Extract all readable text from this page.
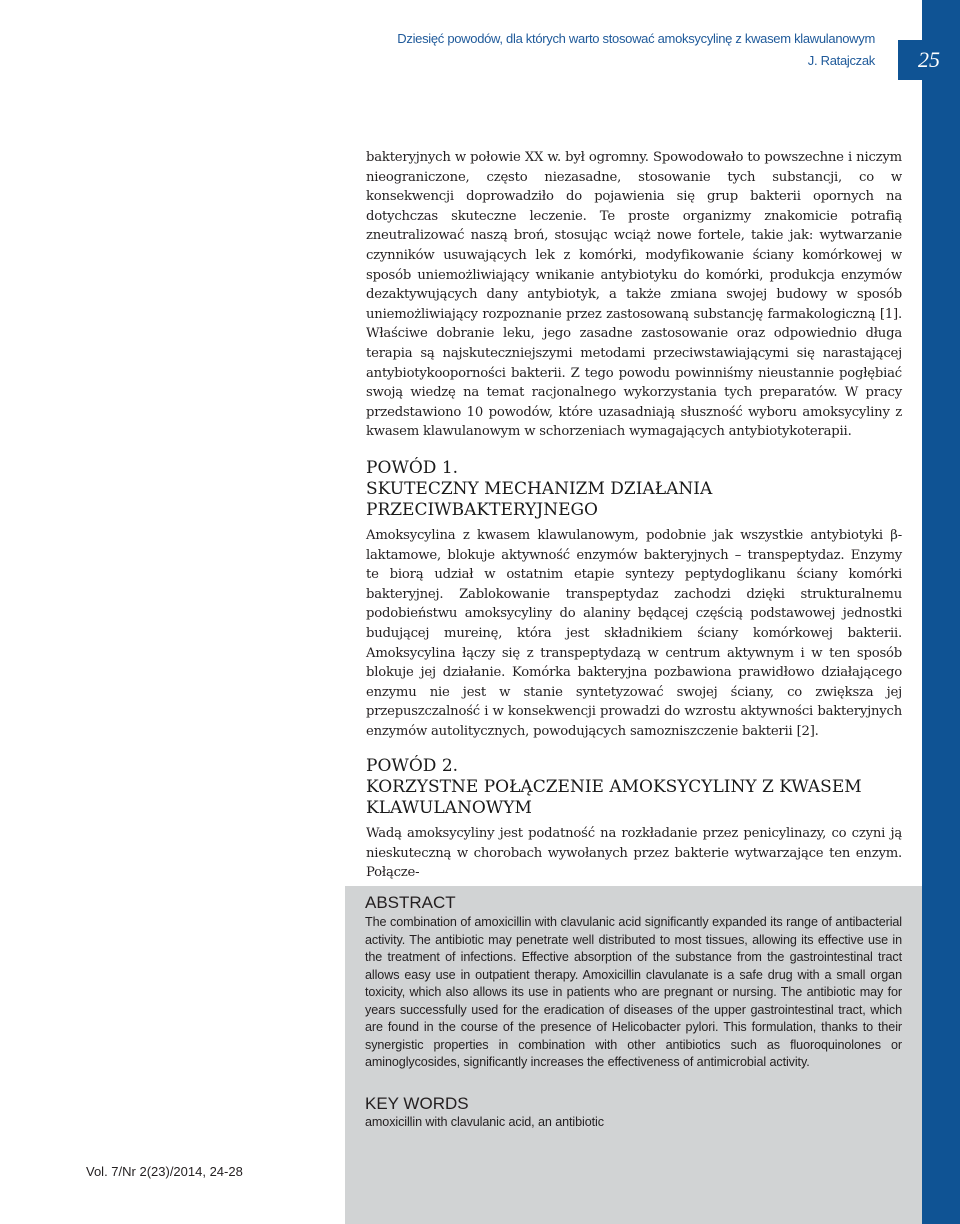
25
Dziesięć powodów, dla których warto stosować amoksycylinę z kwasem klawulanowym
J. Ratajczak
bakteryjnych w połowie XX w. był ogromny. Spowodowało to powszechne i niczym nieograniczone, często niezasadne, stosowanie tych substancji, co w konsekwencji doprowadziło do pojawienia się grup bakterii opornych na dotychczas skuteczne leczenie. Te proste organizmy znakomicie potrafią zneutralizować naszą broń, stosując wciąż nowe fortele, takie jak: wytwarzanie czynników usuwających lek z komórki, modyfikowanie ściany komórkowej w sposób uniemożliwiający wnikanie antybiotyku do komórki, produkcja enzymów dezaktywujących dany antybiotyk, a także zmiana swojej budowy w sposób uniemożliwiający rozpoznanie przez zastosowaną substancję farmakologiczną [1]. Właściwe dobranie leku, jego zasadne zastosowanie oraz odpowiednio długa terapia są najskuteczniejszymi metodami przeciwstawiającymi się narastającej antybiotykooporności bakterii. Z tego powodu powinniśmy nieustannie pogłębiać swoją wiedzę na temat racjonalnego wykorzystania tych preparatów. W pracy przedstawiono 10 powodów, które uzasadniają słuszność wyboru amoksycyliny z kwasem klawulanowym w schorzeniach wymagających antybiotykoterapii.
POWÓD 1.
SKUTECZNY MECHANIZM DZIAŁANIA
PRZECIWBAKTERYJNEGO
Amoksycylina z kwasem klawulanowym, podobnie jak wszystkie antybiotyki β-laktamowe, blokuje aktywność enzymów bakteryjnych – transpeptydaz. Enzymy te biorą udział w ostatnim etapie syntezy peptydoglikanu ściany komórki bakteryjnej. Zablokowanie transpeptydaz zachodzi dzięki strukturalnemu podobieństwu amoksycyliny do alaniny będącej częścią podstawowej jednostki budującej mureinę, która jest składnikiem ściany komórkowej bakterii. Amoksycylina łączy się z transpeptydazą w centrum aktywnym i w ten sposób blokuje jej działanie. Komórka bakteryjna pozbawiona prawidłowo działającego enzymu nie jest w stanie syntetyzować swojej ściany, co zwiększa jej przepuszczalność i w konsekwencji prowadzi do wzrostu aktywności bakteryjnych enzymów autolitycznych, powodujących samozniszczenie bakterii [2].
POWÓD 2.
KORZYSTNE POŁĄCZENIE AMOKSYCYLINY Z KWASEM
KLAWULANOWYM
Wadą amoksycyliny jest podatność na rozkładanie przez penicylinazy, co czyni ją nieskuteczną w chorobach wywołanych przez bakterie wytwarzające ten enzym. Połącze-
ABSTRACT
The combination of amoxicillin with clavulanic acid significantly expanded its range of antibacterial activity. The antibiotic may penetrate well distributed to most tissues, allowing its effective use in the treatment of infections. Effective absorption of the substance from the gastrointestinal tract allows easy use in outpatient therapy. Amoxicillin clavulanate is a safe drug with a small organ toxicity, which also allows its use in patients who are pregnant or nursing. The antibiotic may for years successfully used for the eradication of diseases of the upper gastrointestinal tract, which are found in the course of the presence of Helicobacter pylori. This formulation, thanks to their synergistic properties in combination with other antibiotics such as fluoroquinolones or aminoglycosides, significantly increases the effectiveness of antimicrobial activity.
KEY WORDS
amoxicillin with clavulanic acid, an antibiotic
Vol. 7/Nr 2(23)/2014, 24-28
